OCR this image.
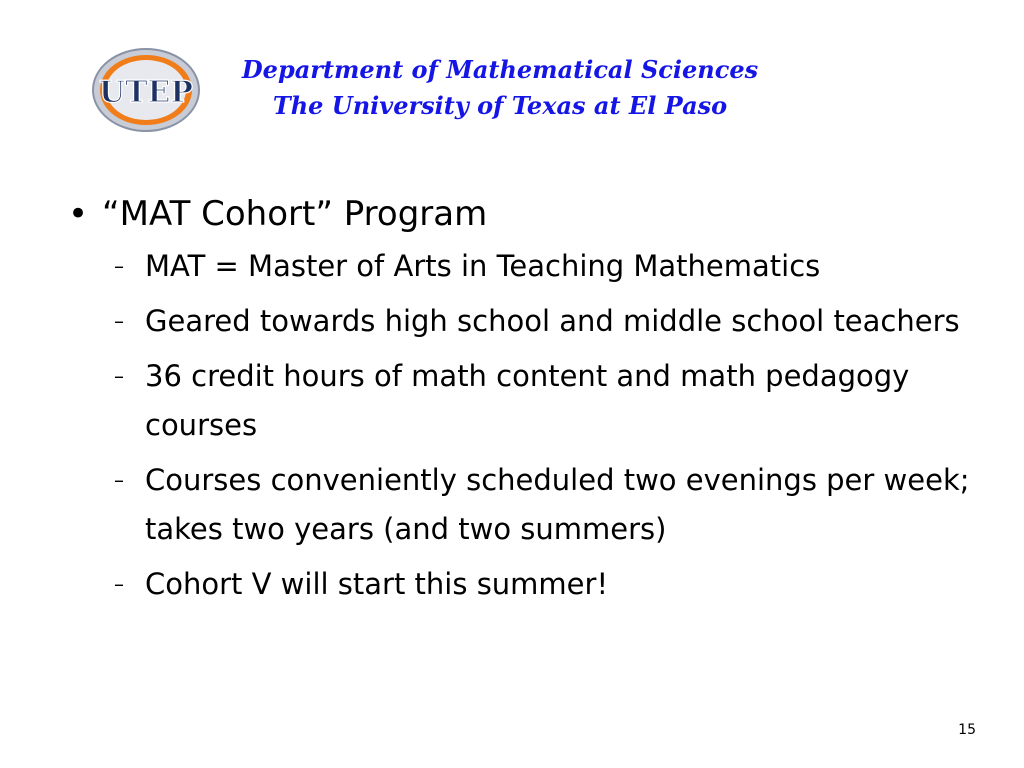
UTEP
Department of Mathematical Sciences
The University of Texas at El Paso
• “MAT Cohort” Program
– MAT = Master of Arts in Teaching Mathematics
– Geared towards high school and middle school teachers
– 36 credit hours of math content and math pedagogy courses
– Courses conveniently scheduled two evenings per week; takes two years (and two summers)
– Cohort V will start this summer!
15
